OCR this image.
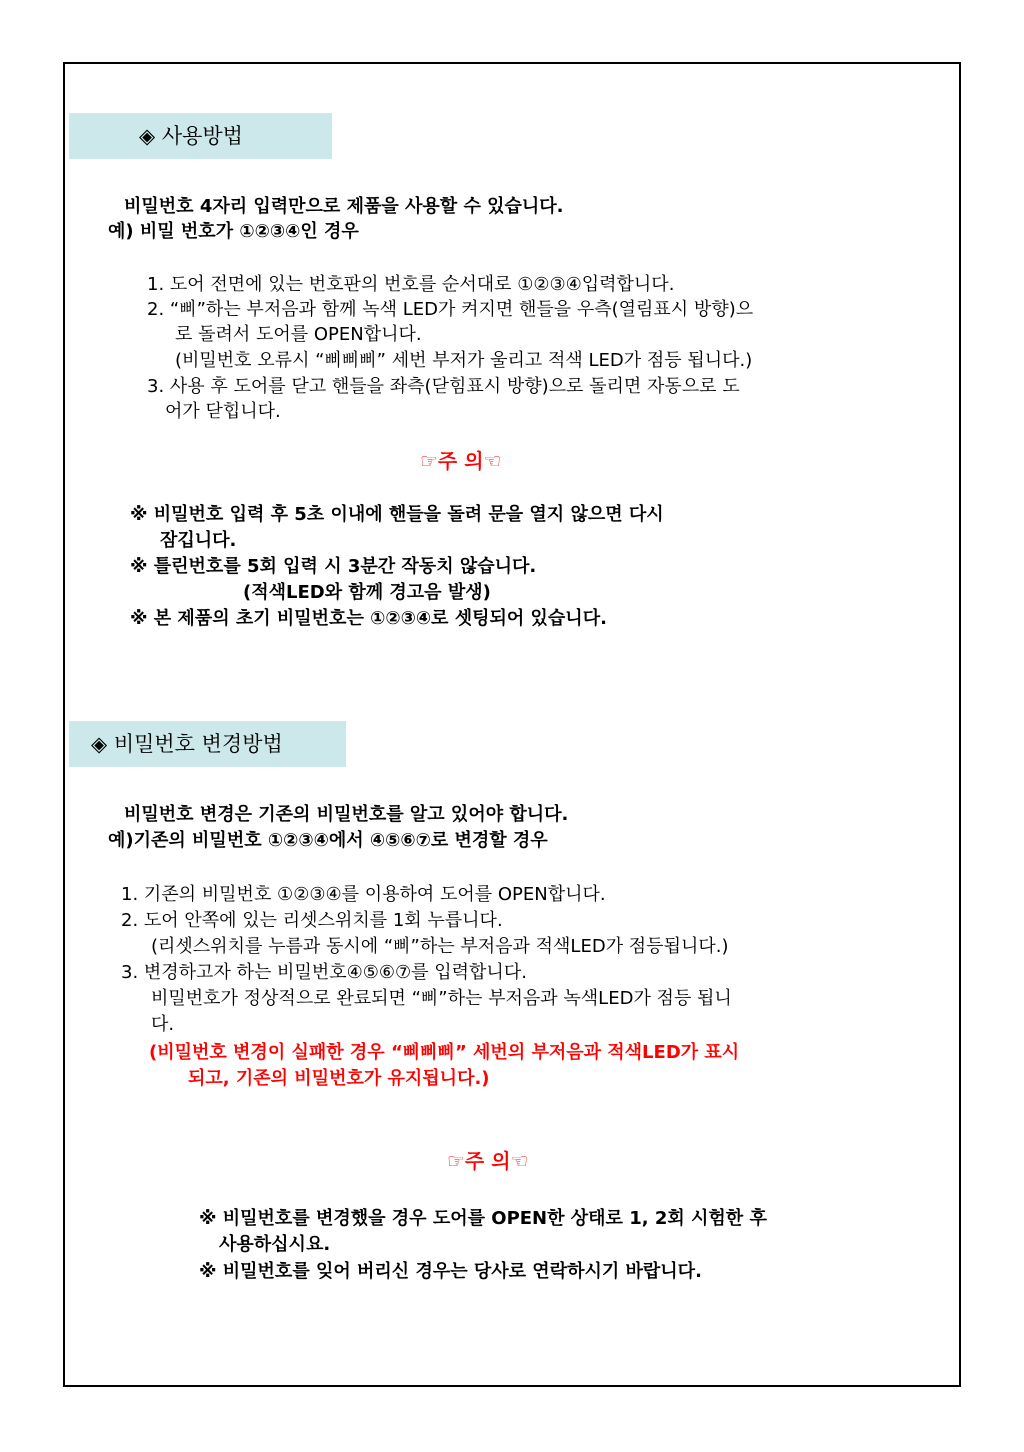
◈ 사용방법
비밀번호 4자리 입력만으로 제품을 사용할 수 있습니다.
예) 비밀 번호가 ①②③④인 경우
1. 도어 전면에 있는 번호판의 번호를 순서대로 ①②③④입력합니다.
2. “삐”하는 부저음과 함께 녹색 LED가 켜지면 핸들을 우측(열림표시 방향)으
로 돌려서 도어를 OPEN합니다.
(비밀번호 오류시 “삐삐삐” 세번 부저가 울리고 적색 LED가 점등 됩니다.)
3. 사용 후 도어를 닫고 핸들을 좌측(닫힘표시 방향)으로 돌리면 자동으로 도
어가 닫힙니다.
☞주 의☜
※ 비밀번호 입력 후 5초 이내에 핸들을 돌려 문을 열지 않으면 다시
잠깁니다.
※ 틀린번호를 5회 입력 시 3분간 작동치 않습니다.
(적색LED와 함께 경고음 발생)
※ 본 제품의 초기 비밀번호는 ①②③④로 셋팅되어 있습니다.
◈ 비밀번호 변경방법
비밀번호 변경은 기존의 비밀번호를 알고 있어야 합니다.
예)기존의 비밀번호 ①②③④에서 ④⑤⑥⑦로 변경할 경우
1. 기존의 비밀번호 ①②③④를 이용하여 도어를 OPEN합니다.
2. 도어 안쪽에 있는 리셋스위치를 1회 누릅니다.
(리셋스위치를 누름과 동시에 “삐”하는 부저음과 적색LED가 점등됩니다.)
3. 변경하고자 하는 비밀번호④⑤⑥⑦를 입력합니다.
비밀번호가 정상적으로 완료되면 “삐”하는 부저음과 녹색LED가 점등 됩니
다.
(비밀번호 변경이 실패한 경우 “삐삐삐” 세번의 부저음과 적색LED가 표시
되고, 기존의 비밀번호가 유지됩니다.)
☞주 의☜
※ 비밀번호를 변경했을 경우 도어를 OPEN한 상태로 1, 2회 시험한 후
사용하십시요.
※ 비밀번호를 잊어 버리신 경우는 당사로 연락하시기 바랍니다.
